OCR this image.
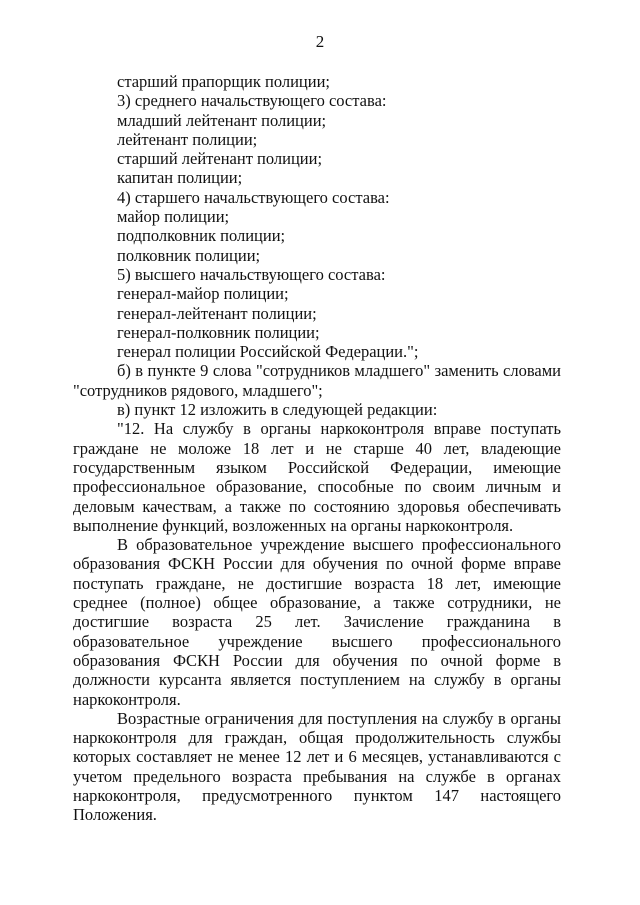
2

старший прапорщик полиции;

3) среднего начальствующего состава:

младший лейтенант полиции;

лейтенант полиции;

старший лейтенант полиции;

капитан полиции;

4) старшего начальствующего состава:

майор полиции;

подполковник полиции;

полковник полиции;

5) высшего начальствующего состава:

генерал-майор полиции;

генерал-лейтенант полиции;

генерал-полковник полиции;

генерал полиции Российской Федерации.";

б) в пункте 9 слова "сотрудников младшего" заменить словами "сотрудников рядового, младшего";

в) пункт 12 изложить в следующей редакции:

"12. На службу в органы наркоконтроля вправе поступать граждане не моложе 18 лет и не старше 40 лет, владеющие государственным языком Российской Федерации, имеющие профессиональное образование, способные по своим личным и деловым качествам, а также по состоянию здоровья обеспечивать выполнение функций, возложенных на органы наркоконтроля.

В образовательное учреждение высшего профессионального образования ФСКН России для обучения по очной форме вправе поступать граждане, не достигшие возраста 18 лет, имеющие среднее (полное) общее образование, а также сотрудники, не достигшие возраста 25 лет. Зачисление гражданина в образовательное учреждение высшего профессионального образования ФСКН России для обучения по очной форме в должности курсанта является поступлением на службу в органы наркоконтроля.

Возрастные ограничения для поступления на службу в органы наркоконтроля для граждан, общая продолжительность службы которых составляет не менее 12 лет и 6 месяцев, устанавливаются с учетом предельного возраста пребывания на службе в органах наркоконтроля, предусмотренного пунктом 147 настоящего Положения.
